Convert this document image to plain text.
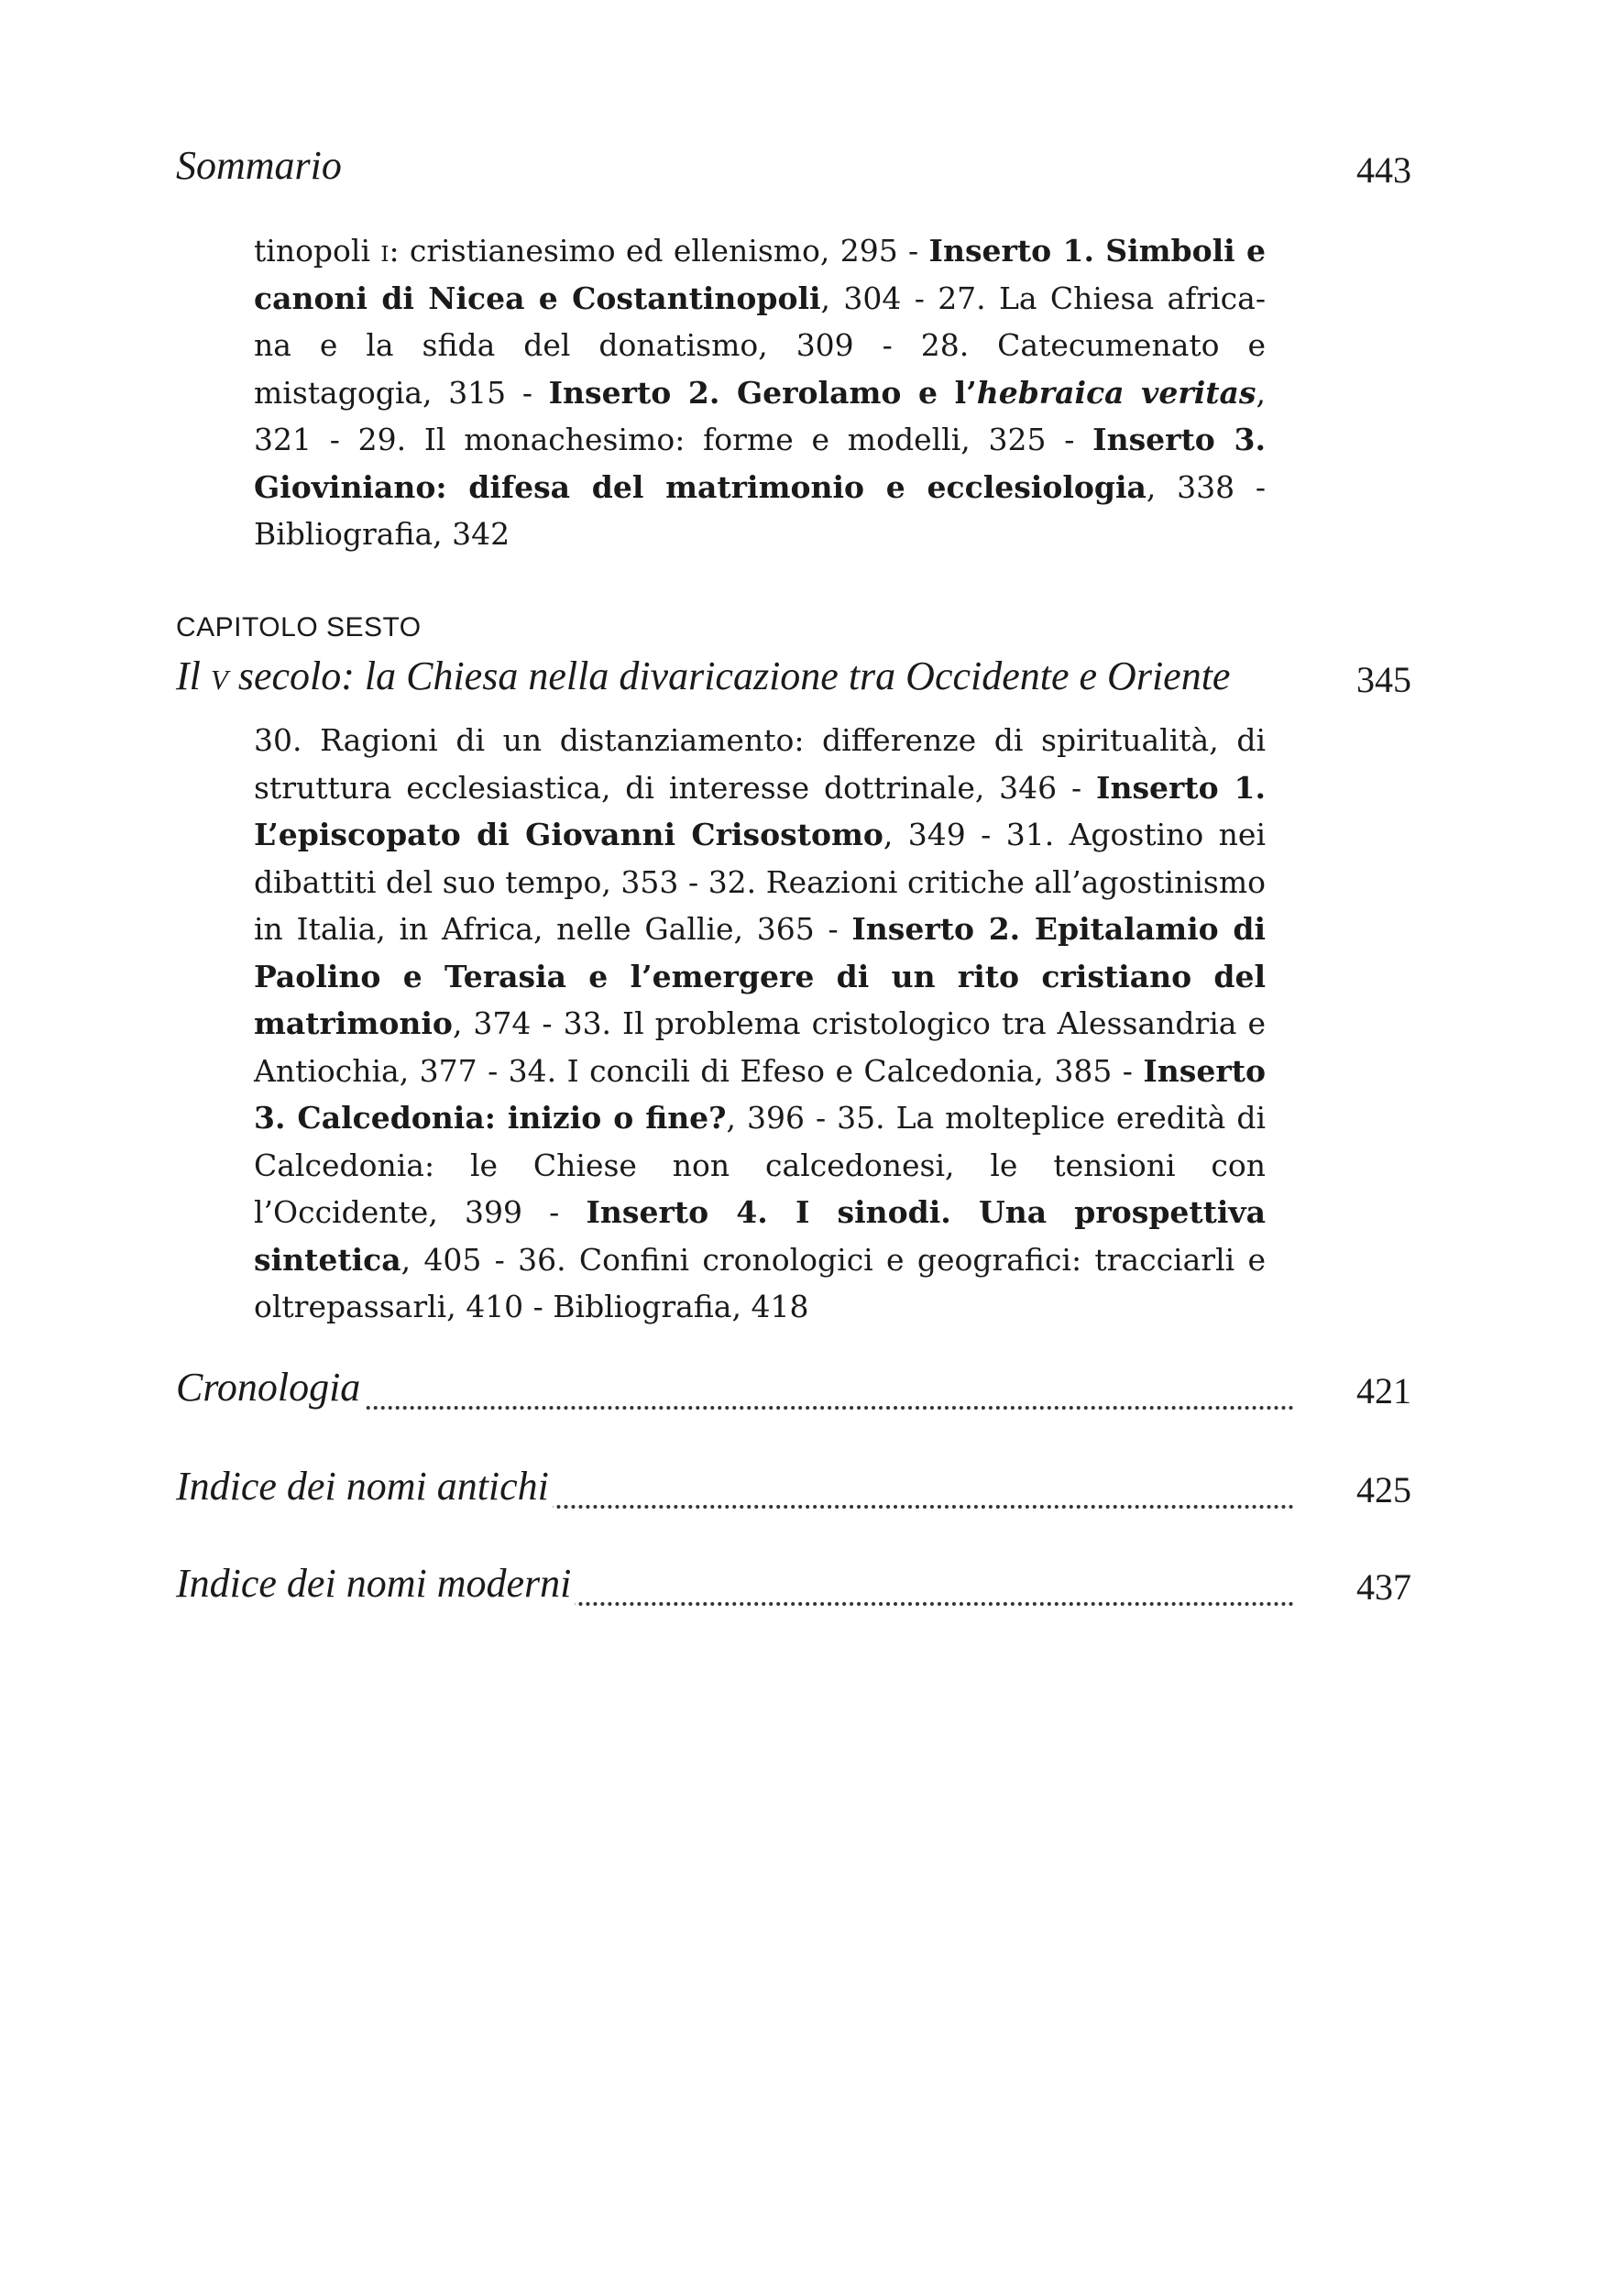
Sommario	443
tinopoli i: cristianesimo ed ellenismo, 295 - Inserto 1. Simboli e canoni di Nicea e Costantinopoli, 304 - 27. La Chiesa africa-na e la sfida del donatismo, 309 - 28. Catecumenato e mistagogia, 315 - Inserto 2. Gerolamo e l’hebraica veritas, 321 - 29. Il monachesimo: forme e modelli, 325 - Inserto 3. Gioviniano: difesa del matrimonio e ecclesiologia, 338 - Bibliografia, 342
CAPITOLO SESTO
Il v secolo: la Chiesa nella divaricazione tra Occidente e Oriente	345
30. Ragioni di un distanziamento: differenze di spiritualità, di struttura ecclesiastica, di interesse dottrinale, 346 - Inserto 1. L’episcopato di Giovanni Crisostomo, 349 - 31. Agostino nei dibattiti del suo tempo, 353 - 32. Reazioni critiche all’agostinismo in Italia, in Africa, nelle Gallie, 365 - Inserto 2. Epitalamio di Paolino e Terasia e l’emergere di un rito cristiano del matrimonio, 374 - 33. Il problema cristologico tra Alessandria e Antiochia, 377 - 34. I concili di Efeso e Calcedonia, 385 - Inserto 3. Calcedonia: inizio o fine?, 396 - 35. La molteplice eredità di Calcedonia: le Chiese non calcedonesi, le tensioni con l’Occidente, 399 - Inserto 4. I sinodi. Una prospettiva sintetica, 405 - 36. Confini cronologici e geografici: tracciarli e oltrepassarli, 410 - Bibliografia, 418
Cronologia	421
Indice dei nomi antichi	425
Indice dei nomi moderni	437
